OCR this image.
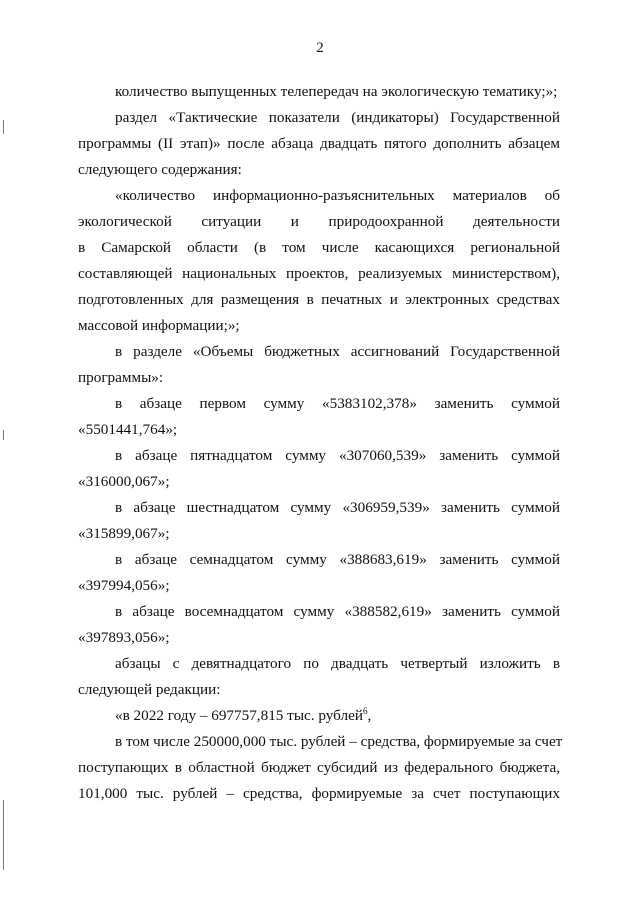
2
количество выпущенных телепередач на экологическую тематику;»;
раздел «Тактические показатели (индикаторы) Государственной
программы (II этап)» после абзаца двадцать пятого дополнить абзацем
следующего содержания:
«количество информационно-разъяснительных материалов об
экологической ситуации и природоохранной деятельности
в Самарской области (в том числе касающихся региональной
составляющей национальных проектов, реализуемых министерством),
подготовленных для размещения в печатных и электронных средствах
массовой информации;»;
в разделе «Объемы бюджетных ассигнований Государственной
программы»:
в абзаце первом сумму «5383102,378» заменить суммой
«5501441,764»;
в абзаце пятнадцатом сумму «307060,539» заменить суммой
«316000,067»;
в абзаце шестнадцатом сумму «306959,539» заменить суммой
«315899,067»;
в абзаце семнадцатом сумму «388683,619» заменить суммой
«397994,056»;
в абзаце восемнадцатом сумму «388582,619» заменить суммой
«397893,056»;
абзацы с девятнадцатого по двадцать четвертый изложить в
следующей редакции:
«в 2022 году – 697757,815 тыс. рублей$^6$,
в том числе 250000,000 тыс. рублей – средства, формируемые за счет
поступающих в областной бюджет субсидий из федерального бюджета,
101,000 тыс. рублей – средства, формируемые за счет поступающих
